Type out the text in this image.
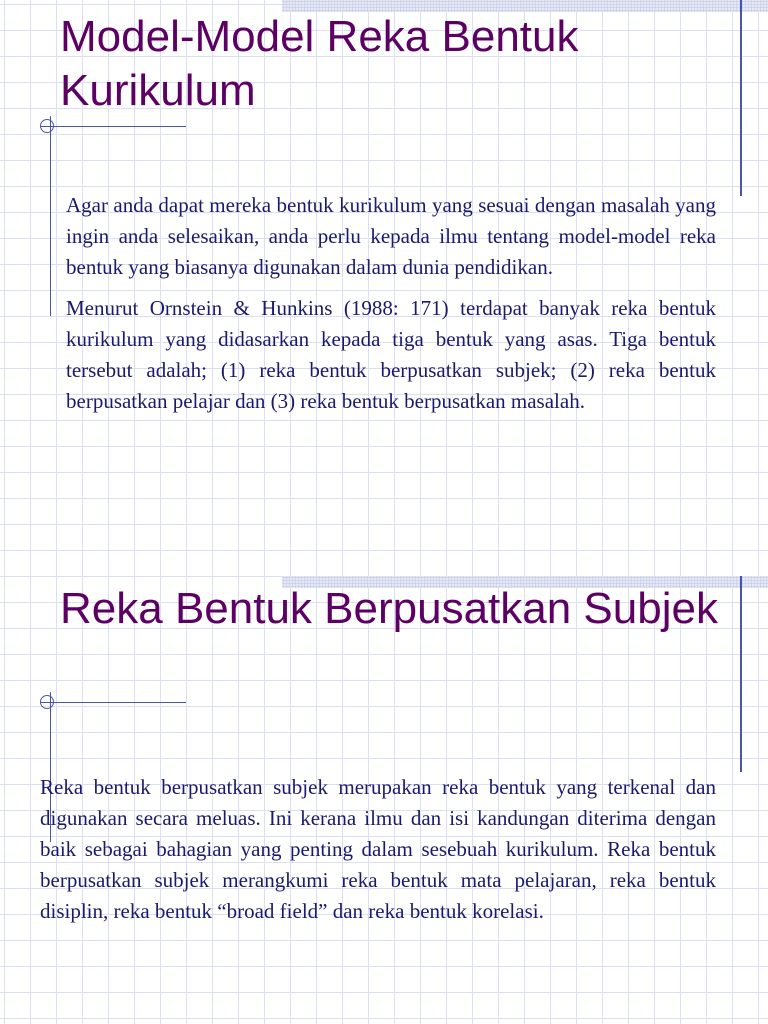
Model-Model Reka Bentuk Kurikulum

Agar anda dapat mereka bentuk kurikulum yang sesuai dengan masalah yang ingin anda selesaikan, anda perlu kepada ilmu tentang model-model reka bentuk yang biasanya digunakan dalam dunia pendidikan.

Menurut Ornstein & Hunkins (1988: 171) terdapat banyak reka bentuk kurikulum yang didasarkan kepada tiga bentuk yang asas. Tiga bentuk tersebut adalah; (1) reka bentuk berpusatkan subjek; (2) reka bentuk berpusatkan pelajar dan (3) reka bentuk berpusatkan masalah.

Reka Bentuk Berpusatkan Subjek

Reka bentuk berpusatkan subjek merupakan reka bentuk yang terkenal dan digunakan secara meluas. Ini kerana ilmu dan isi kandungan diterima dengan baik sebagai bahagian yang penting dalam sesebuah kurikulum. Reka bentuk berpusatkan subjek merangkumi reka bentuk mata pelajaran, reka bentuk disiplin, reka bentuk “broad field” dan reka bentuk korelasi.
